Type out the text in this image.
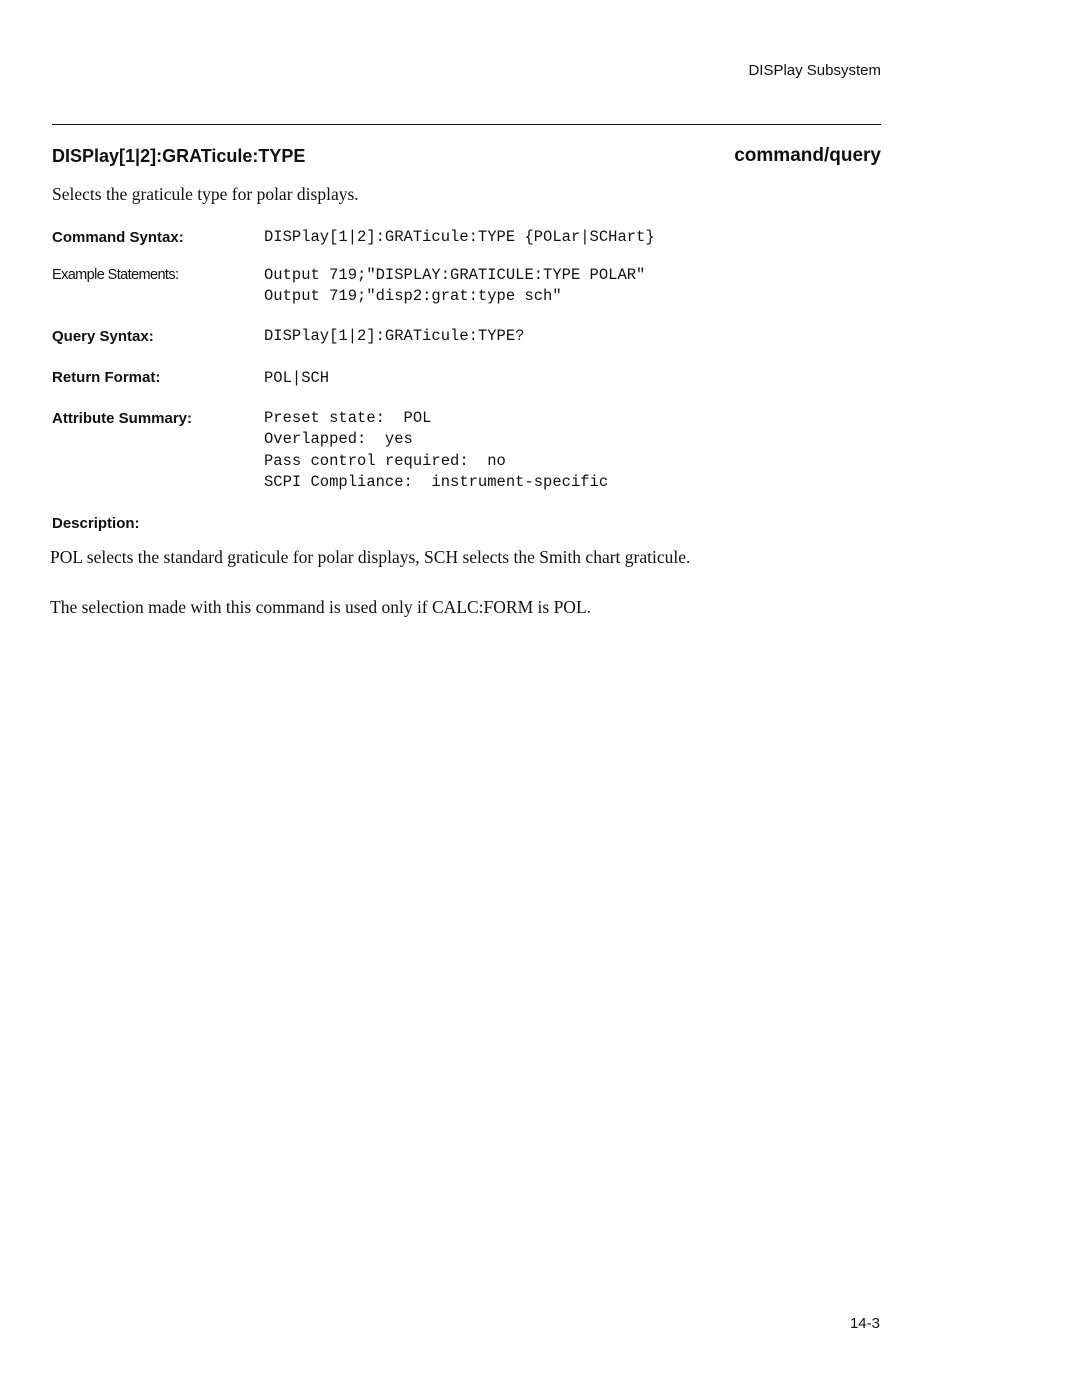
DISPlay Subsystem
DISPlay[1|2]:GRATicule:TYPE	command/query
Selects the graticule type for polar displays.
Command Syntax:	DISPlay[1|2]:GRATicule:TYPE {POLar|SCHart}
Example Statements:	Output 719;"DISPLAY:GRATICULE:TYPE POLAR"
Output 719;"disp2:grat:type sch"
Query Syntax:	DISPlay[1|2]:GRATicule:TYPE?
Return Format:	POL|SCH
Attribute Summary:	Preset state:  POL
Overlapped:  yes
Pass control required:  no
SCPI Compliance:  instrument-specific
Description:
POL selects the standard graticule for polar displays, SCH selects the Smith chart graticule.
The selection made with this command is used only if CALC:FORM is POL.
14-3
